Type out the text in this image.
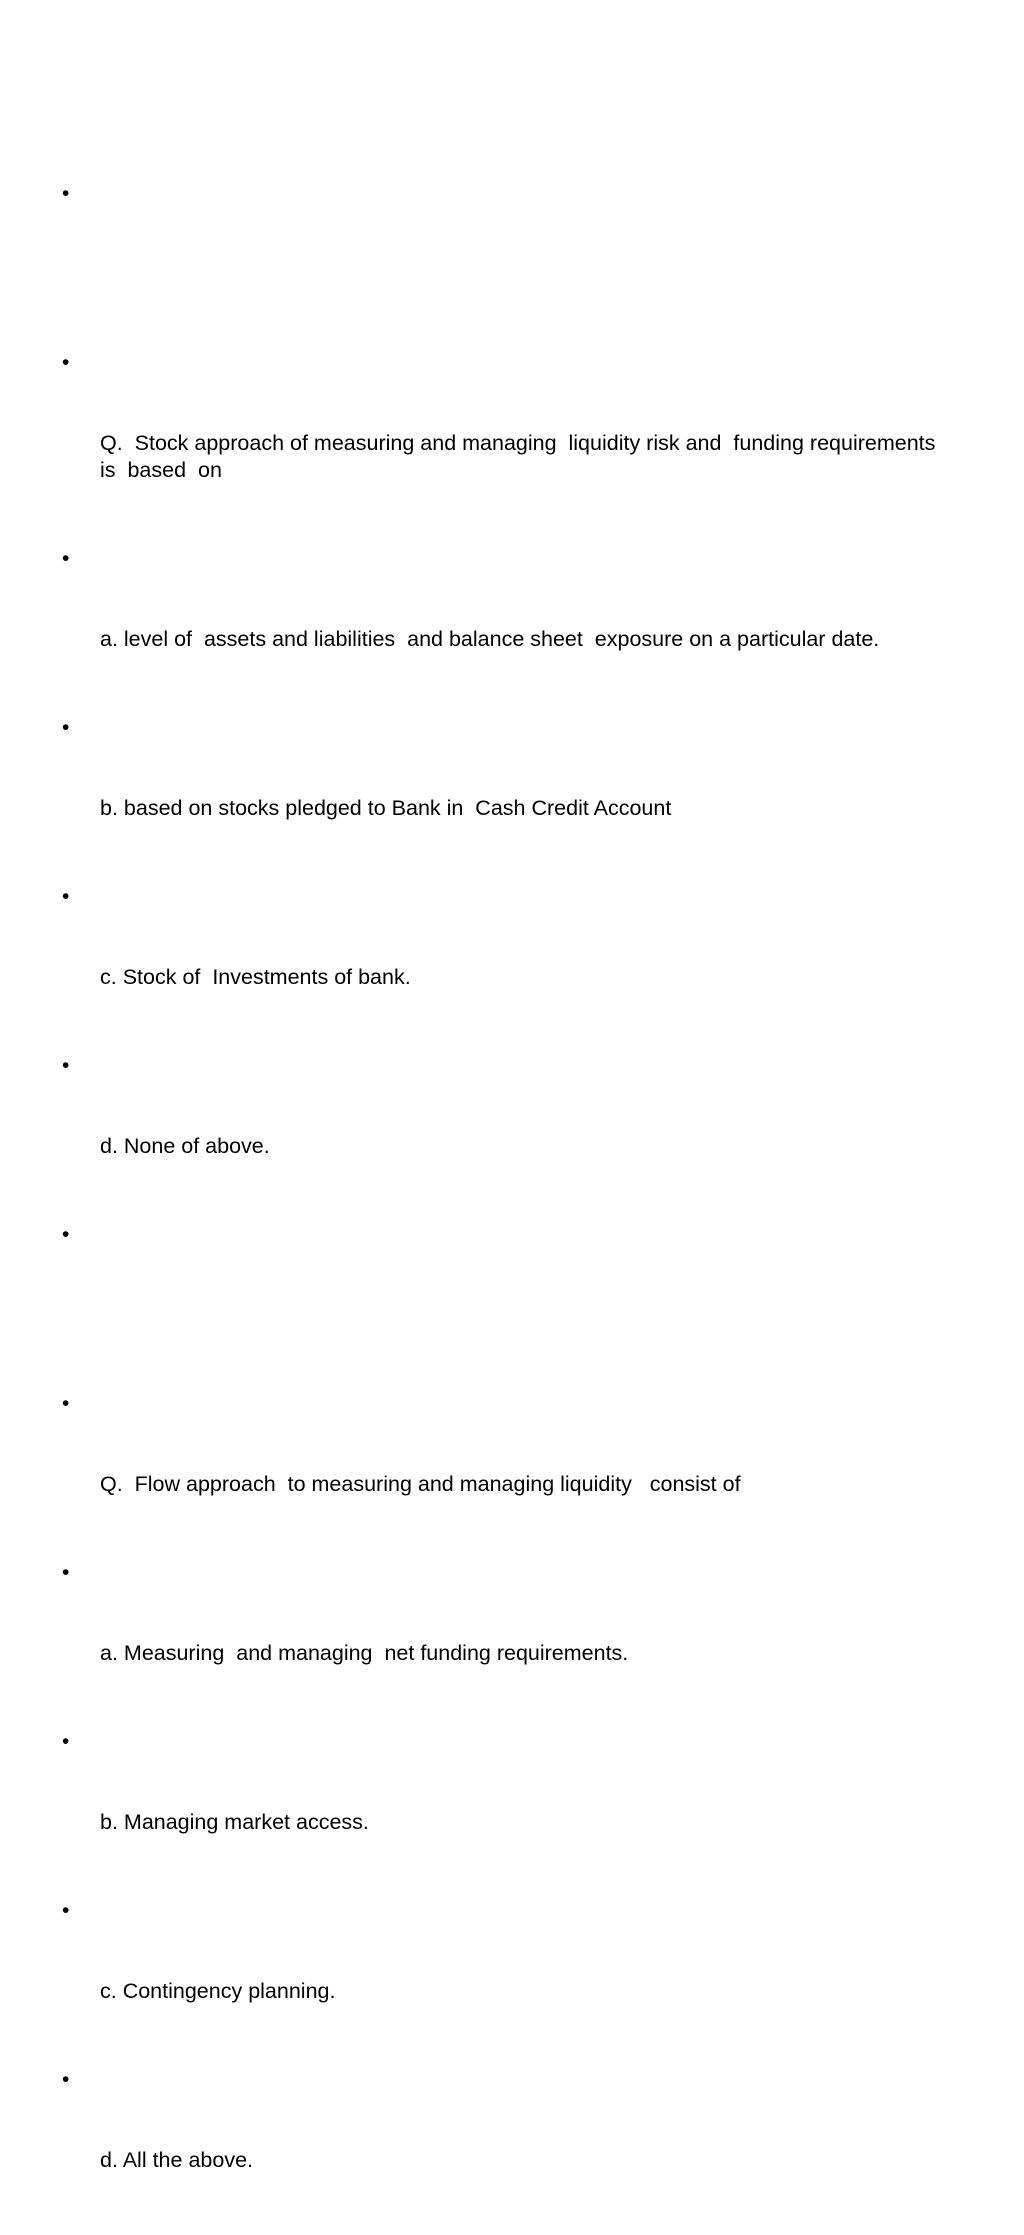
•

•

Q.  Stock approach of measuring and managing  liquidity risk and  funding requirements  is  based  on

•

a. level of  assets and liabilities  and balance sheet  exposure on a particular date.

•

b. based on stocks pledged to Bank in  Cash Credit Account

•

c. Stock of  Investments of bank.

•

d. None of above.

•

•

Q.  Flow approach  to measuring and managing liquidity   consist of

•

a. Measuring  and managing  net funding requirements.

•

b. Managing market access.

•

c. Contingency planning.

•

d. All the above.
